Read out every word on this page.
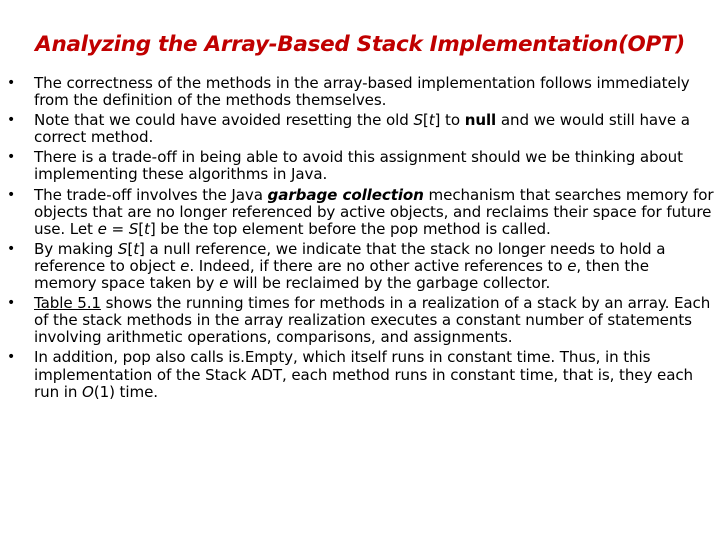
Analyzing the Array-Based Stack Implementation(OPT)
• The correctness of the methods in the array-based implementation follows immediately from the definition of the methods themselves.
• Note that we could have avoided resetting the old S[t] to null and we would still have a correct method.
• There is a trade-off in being able to avoid this assignment should we be thinking about implementing these algorithms in Java.
• The trade-off involves the Java garbage collection mechanism that searches memory for objects that are no longer referenced by active objects, and reclaims their space for future use. Let e = S[t] be the top element before the pop method is called.
• By making S[t] a null reference, we indicate that the stack no longer needs to hold a reference to object e. Indeed, if there are no other active references to e, then the memory space taken by e will be reclaimed by the garbage collector.
• Table 5.1 shows the running times for methods in a realization of a stack by an array. Each of the stack methods in the array realization executes a constant number of statements involving arithmetic operations, comparisons, and assignments.
• In addition, pop also calls is.Empty, which itself runs in constant time. Thus, in this implementation of the Stack ADT, each method runs in constant time, that is, they each run in O(1) time.
